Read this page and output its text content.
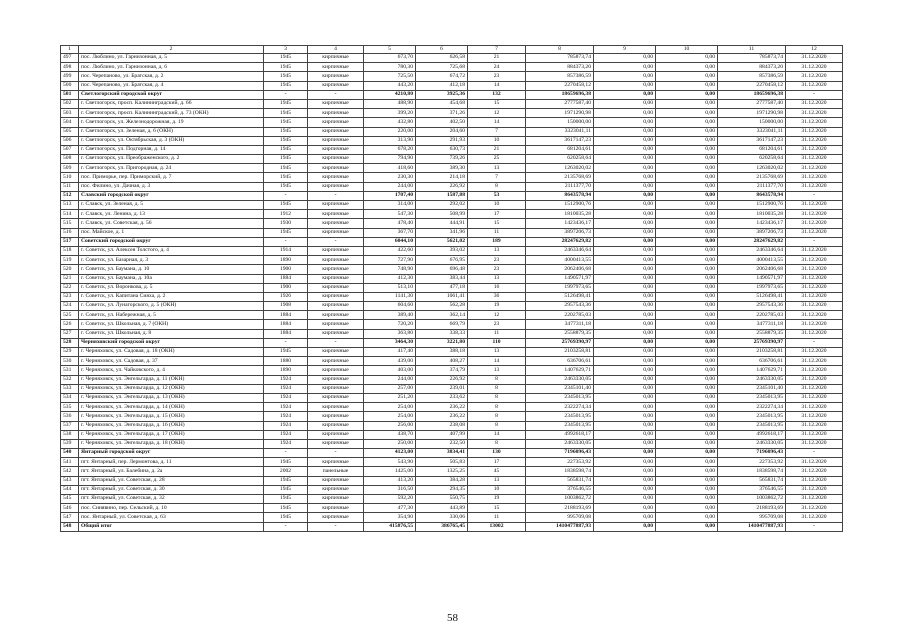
1	2	3	4	5	6	7	8	9	10	11	12
497	пос. Люблино, ул. Гарнизонная, д. 5	1945	кирпичные	673,70	626,58	21	785873,74	0,00	0,00	785873,74	31.12.2020
498	пос. Люблино, ул. Гарнизонная, д. 6	1945	кирпичные	780,30	725,68	24	884373,20	0,00	0,00	884373,20	31.12.2020
499	пос. Черепаново, ул. Братская, д. 2	1945	кирпичные	725,50	674,72	23	857386,59	0,00	0,00	857386,59	31.12.2020
500	пос. Черепаново, ул. Братская, д. 4	1945	кирпичные	443,20	412,18	14	2270458,12	0,00	0,00	2270458,12	31.12.2020
501	Светлогорский городской округ	-	-	4210,80	3925,36	132	18659696,38	0,00	0,00	18659696,38	-
502	г. Светлогорск, просп. Калининградский, д. 66	1945	кирпичные	488,90	454,68	15	2777587,40	0,00	0,00	2777587,40	31.12.2020
503	г. Светлогорск, просп. Калининградский, д. 73 (ОКН)	1945	кирпичные	399,20	371,26	12	1971290,98	0,00	0,00	1971290,98	31.12.2020
504	г. Светлогорск, ул. Железнодорожная, д. 19	1945	кирпичные	432,80	402,50	14	150000,00	0,00	0,00	150000,00	31.12.2020
505	г. Светлогорск, ул. Зеленая, д. 6 (ОКН)	1945	кирпичные	220,00	204,60	7	3323041,11	0,00	0,00	3323041,11	31.12.2020
506	г. Светлогорск, ул. Октябрьская, д. 3 (ОКН)	1945	кирпичные	313,90	291,93	10	3617147,23	0,00	0,00	3617147,23	31.12.2020
507	г. Светлогорск, ул. Подгорная, д. 14	1945	кирпичные	678,20	630,73	21	681204,61	0,00	0,00	681204,61	31.12.2020
508	г. Светлогорск, ул. Преображенского, д. 2	1945	кирпичные	794,90	739,26	25	620258,64	0,00	0,00	620258,64	31.12.2020
509	г. Светлогорск, ул. Пригородная, д. 24	1945	кирпичные	418,60	389,30	13	1263020,02	0,00	0,00	1263020,02	31.12.2020
510	пос. Приморье, пер. Приморский, д. 7	1945	кирпичные	230,30	214,18	7	2135768,69	0,00	0,00	2135768,69	31.12.2020
511	пос. Филино, ул. Дачная, д. 3	1945	кирпичные	244,00	226,92	8	2111377,70	0,00	0,00	2111377,70	31.12.2020
512	Славский городской округ	-	-	1707,40	1587,88	53	8643578,94	0,00	0,00	8643578,94	-
513	г. Славск, ул. Зеленая, д. 5	1945	кирпичные	314,00	292,02	10	1512900,76	0,00	0,00	1512900,76	31.12.2020
514	г. Славск, ул. Ленина, д. 13	1912	кирпичные	547,30	508,99	17	1810035,28	0,00	0,00	1810035,28	31.12.2020
515	г. Славск, ул. Советская, д. 56	1930	кирпичные	478,40	444,91	15	1423436,17	0,00	0,00	1423436,17	31.12.2020
516	пос. Майское, д. 1	1945	кирпичные	367,70	341,96	11	3897206,73	0,00	0,00	3897206,73	31.12.2020
517	Советский городской округ	-	-	6044,10	5621,02	189	28247629,82	0,00	0,00	28247629,82	-
518	г. Советск, ул. Алексея Толстого, д. 4	1914	кирпичные	422,60	393,02	13	2463346,64	0,00	0,00	2463346,64	31.12.2020
519	г. Советск, ул. Базарная, д. 3	1890	кирпичные	727,90	676,95	23	4000413,55	0,00	0,00	4000413,55	31.12.2020
520	г. Советск, ул. Баумана, д. 10	1900	кирпичные	748,90	696,48	23	2062406,68	0,00	0,00	2062406,68	31.12.2020
521	г. Советск, ул. Баумана, д. 10а	1884	кирпичные	412,30	383,44	13	1490571,97	0,00	0,00	1490571,97	31.12.2020
522	г. Советск, ул. Воронкова, д. 5	1900	кирпичные	513,10	477,18	16	1997973,65	0,00	0,00	1997973,65	31.12.2020
523	г. Советск, ул. Капитана Сияха, д. 2	1926	кирпичные	1141,30	1061,41	36	5126498,41	0,00	0,00	5126498,41	31.12.2020
524	г. Советск, ул. Лунагорского, д. 5 (ОКН)	1908	кирпичные	604,60	562,28	19	2957543,36	0,00	0,00	2957543,36	31.12.2020
525	г. Советск, ул. Набережная, д. 5	1884	кирпичные	389,40	362,14	12	2202785,03	0,00	0,00	2202785,03	31.12.2020
526	г. Советск, ул. Школьная, д. 7 (ОКН)	1884	кирпичные	720,20	669,79	23	3477311,18	0,00	0,00	3477311,18	31.12.2020
527	г. Советск, ул. Школьная, д. 8	1884	кирпичные	363,80	338,33	11	2558879,35	0,00	0,00	2558879,35	31.12.2020
528	Черняховский городской округ	-	-	3464,30	3221,80	110	25769390,97	0,00	0,00	25769390,97	-
529	г. Черняховск, ул. Садовая, д. 18 (ОКН)	1945	кирпичные	417,40	388,18	13	2103258,81	0,00	0,00	2103258,81	31.12.2020
530	г. Черняховск, ул. Садовая, д. 37	1880	кирпичные	439,00	408,27	14	636706,61	0,00	0,00	636706,61	31.12.2020
531	г. Черняховск, ул. Чайковского, д. 4	1890	кирпичные	403,00	374,79	13	1407629,71	0,00	0,00	1407629,71	31.12.2020
532	г. Черняховск, ул. Энгельгарда, д. 11 (ОКН)	1924	кирпичные	244,00	226,92	8	2463330,05	0,00	0,00	2463330,05	31.12.2020
533	г. Черняховск, ул. Энгельгарда, д. 12 (ОКН)	1924	кирпичные	257,00	239,01	8	2345101,40	0,00	0,00	2345101,40	31.12.2020
534	г. Черняховск, ул. Энгельгарда, д. 13 (ОКН)	1924	кирпичные	251,20	233,62	8	2345013,95	0,00	0,00	2345013,95	31.12.2020
535	г. Черняховск, ул. Энгельгарда, д. 14 (ОКН)	1924	кирпичные	254,00	236,22	8	2322274,34	0,00	0,00	2322274,34	31.12.2020
536	г. Черняховск, ул. Энгельгарда, д. 15 (ОКН)	1924	кирпичные	254,00	236,22	8	2345013,95	0,00	0,00	2345013,95	31.12.2020
537	г. Черняховск, ул. Энгельгарда, д. 16 (ОКН)	1924	кирпичные	256,00	238,08	8	2345013,95	0,00	0,00	2345013,95	31.12.2020
538	г. Черняховск, ул. Энгельгарда, д. 17 (ОКН)	1924	кирпичные	438,70	407,99	14	4992618,17	0,00	0,00	4992618,17	31.12.2020
539	г. Черняховск, ул. Энгельгарда, д. 18 (ОКН)	1924	кирпичные	250,00	232,50	8	2463330,05	0,00	0,00	2463330,05	31.12.2020
540	Янтарный городской округ	-	-	4123,00	3834,41	130	7196096,43	0,00	0,00	7196096,43	-
541	пгт. Янтарный, пер. Лермонтова, д. 11	1945	кирпичные	543,90	505,83	17	227353,92	0,00	0,00	227353,92	31.12.2020
542	пгт. Янтарный, ул. Балебина, д. 2а	2002	панельные	1425,00	1325,25	45	1838598,74	0,00	0,00	1838598,74	31.12.2020
543	пгт. Янтарный, ул. Советская, д. 28	1945	кирпичные	413,20	384,28	13	565831,74	0,00	0,00	565831,74	31.12.2020
544	пгт. Янтарный, ул. Советская, д. 30	1945	кирпичные	316,50	294,35	10	376546,55	0,00	0,00	376546,55	31.12.2020
545	пгт. Янтарный, ул. Советская, д. 32	1945	кирпичные	592,20	550,75	19	1003862,72	0,00	0,00	1003862,72	31.12.2020
546	пос. Синявино, пер. Сельский, д. 10	1945	кирпичные	477,30	443,89	15	2188193,69	0,00	0,00	2188193,69	31.12.2020
547	пос. Янтарный, ул. Советская, д. 63	1945	кирпичные	354,90	330,06	11	995709,08	0,00	0,00	995709,08	31.12.2020
548	Общий итог	-	-	415876,55	386765,45	13002	1410477887,93	0,00	0,00	1410477887,93	-
58
